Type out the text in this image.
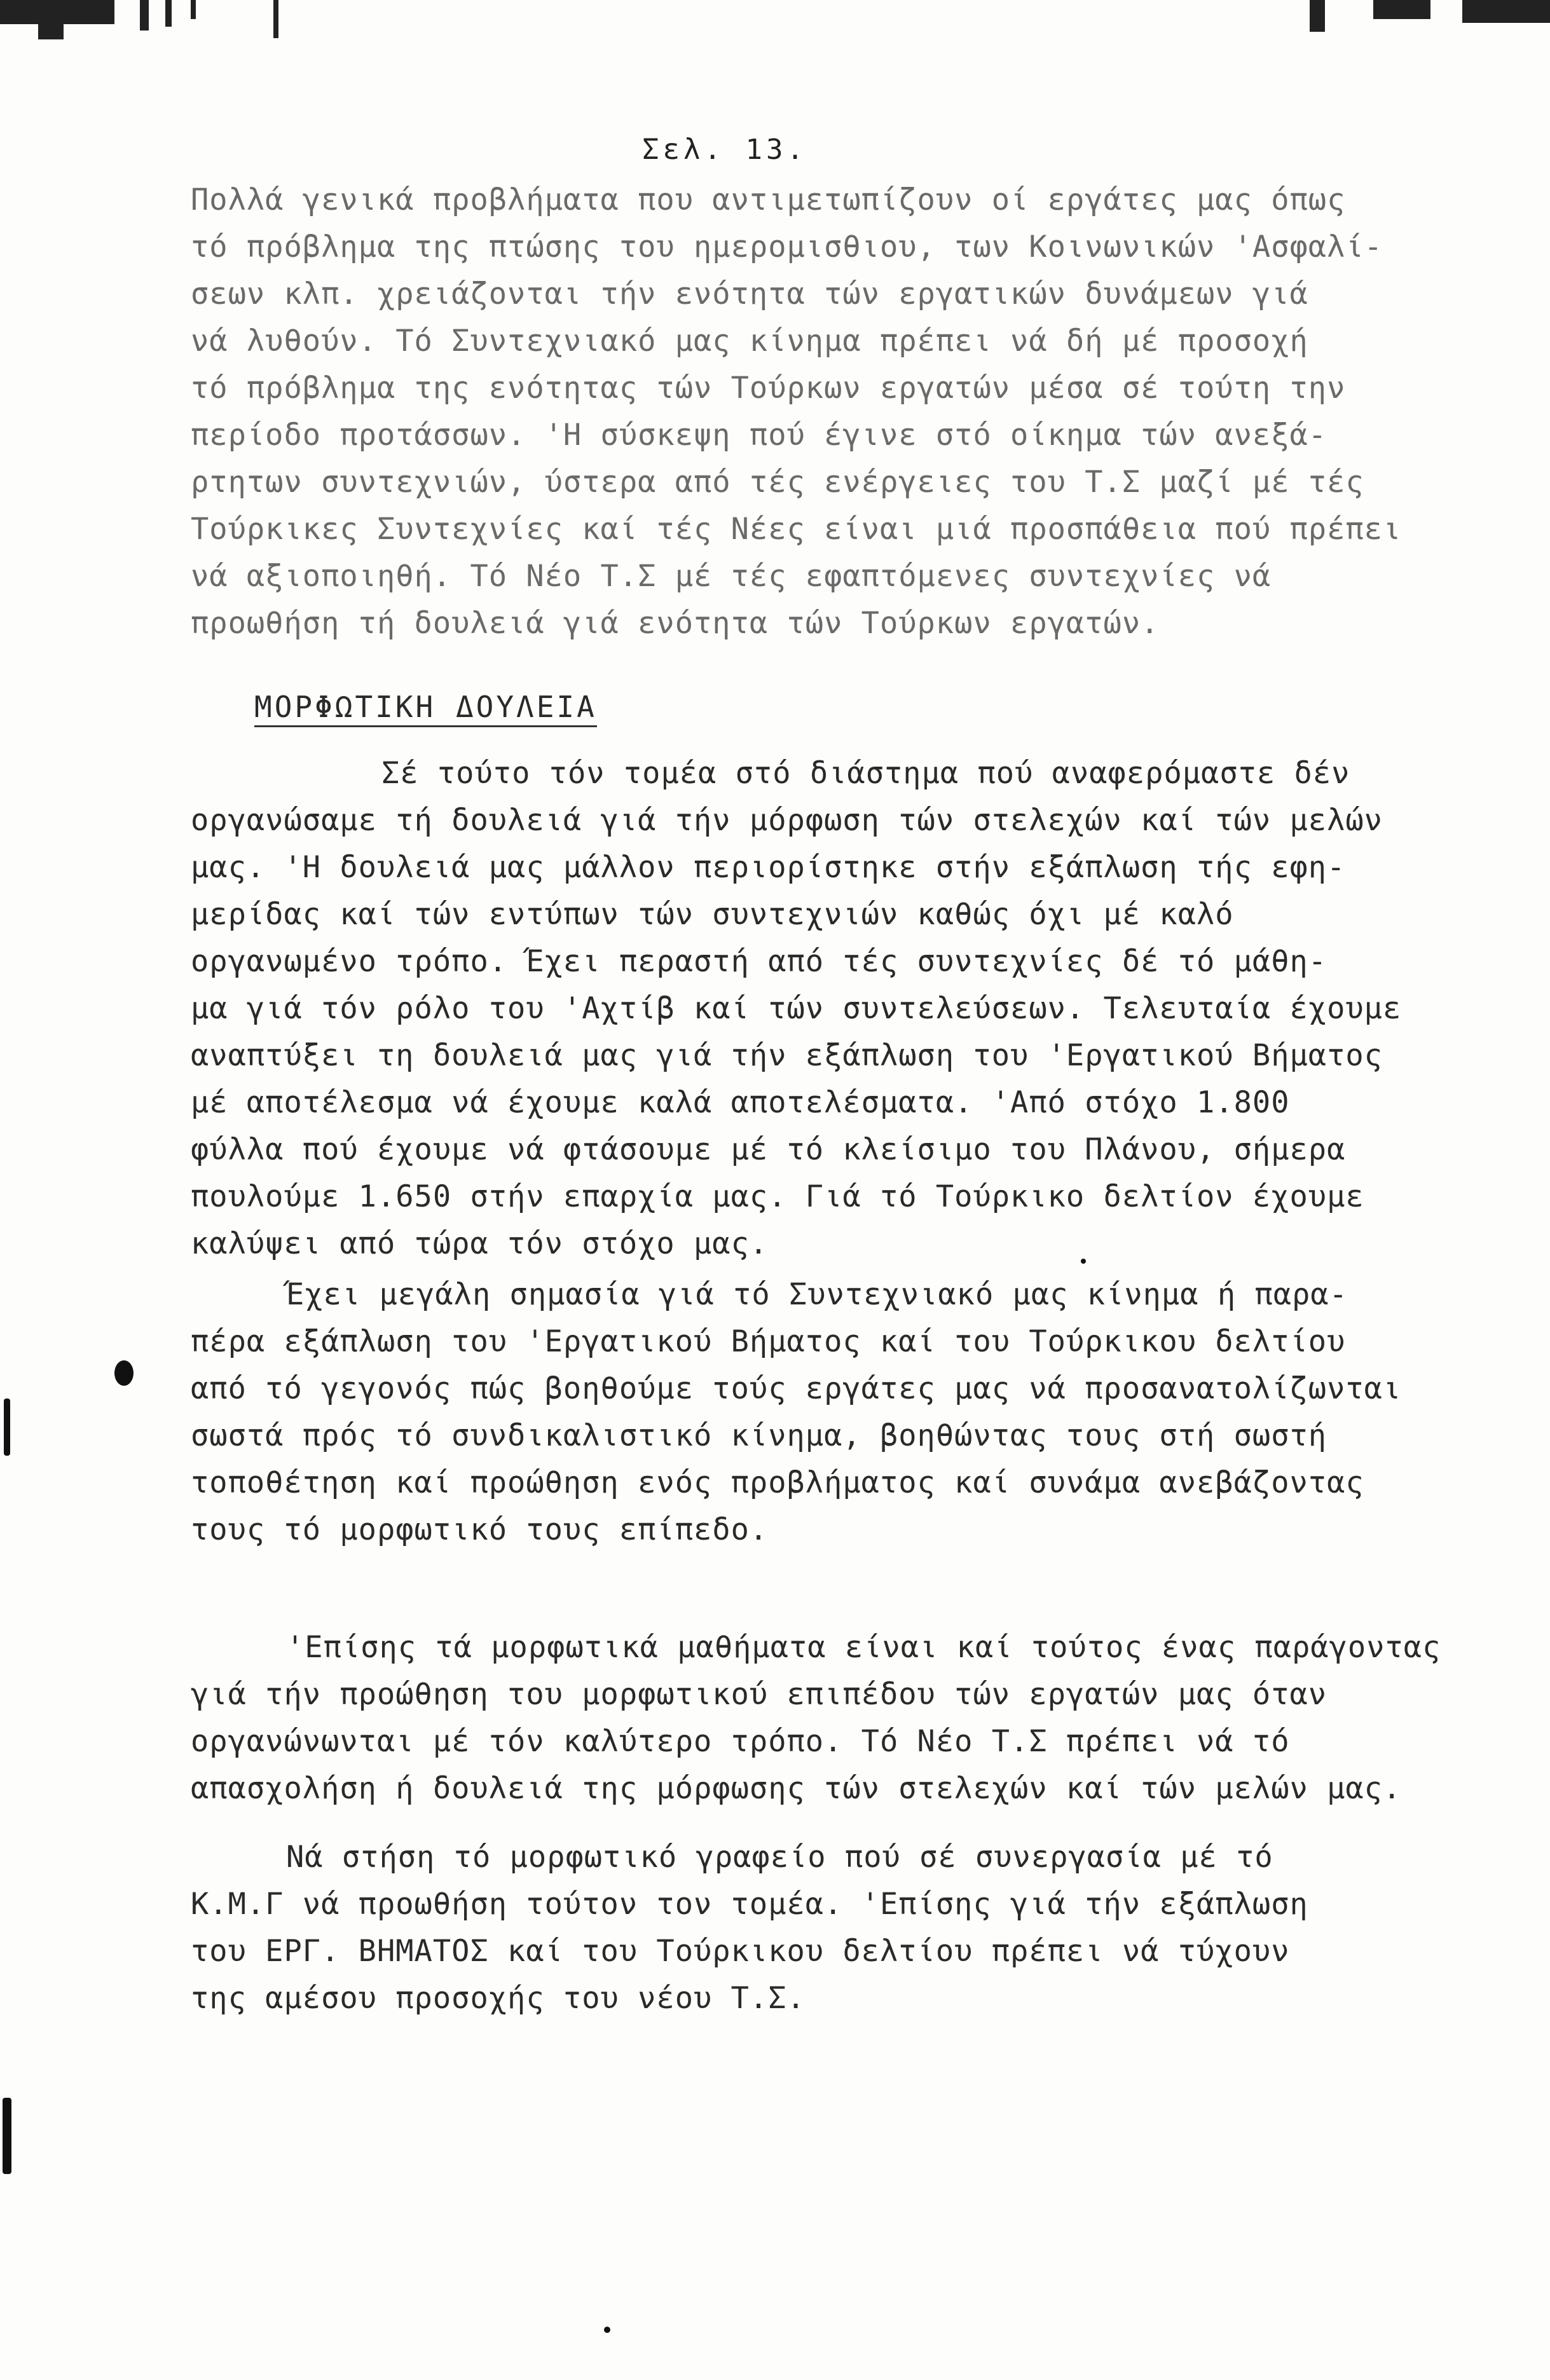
Σελ. 13.
Πολλά γενικά προβλήματα που αντιμετωπίζουν οί εργάτες μας όπως
τό πρόβλημα της πτώσης του ημερομισθιου, των Κοινωνικών 'Ασφαλί-
σεων κλπ. χρειάζονται τήν ενότητα τών εργατικών δυνάμεων γιά
νά λυθούν. Τό Συντεχνιακό μας κίνημα πρέπει νά δή μέ προσοχή
τό πρόβλημα της ενότητας τών Τούρκων εργατών μέσα σέ τούτη την
περίοδο προτάσσων. 'Η σύσκεψη πού έγινε στό οίκημα τών ανεξά-
ρτητων συντεχνιών, ύστερα από τές ενέργειες του Τ.Σ μαζί μέ τές
Τούρκικες Συντεχνίες καί τές Νέες είναι μιά προσπάθεια πού πρέπει
νά αξιοποιηθή. Τό Νέο Τ.Σ μέ τές εφαπτόμενες συντεχνίες νά
προωθήση τή δουλειά γιά ενότητα τών Τούρκων εργατών.
ΜΟΡΦΩΤΙΚΗ ΔΟΥΛΕΙΑ
Σέ τούτο τόν τομέα στό διάστημα πού αναφερόμαστε δέν
οργανώσαμε τή δουλειά γιά τήν μόρφωση τών στελεχών καί τών μελών
μας. 'Η δουλειά μας μάλλον περιορίστηκε στήν εξάπλωση τής εφη-
μερίδας καί τών εντύπων τών συντεχνιών καθώς όχι μέ καλό
οργανωμένο τρόπο. Έχει περαστή από τές συντεχνίες δέ τό μάθη-
μα γιά τόν ρόλο του 'Αχτίβ καί τών συντελεύσεων. Τελευταία έχουμε
αναπτύξει τη δουλειά μας γιά τήν εξάπλωση του 'Εργατικού Βήματος
μέ αποτέλεσμα νά έχουμε καλά αποτελέσματα. 'Από στόχο 1.800
φύλλα πού έχουμε νά φτάσουμε μέ τό κλείσιμο του Πλάνου, σήμερα
πουλούμε 1.650 στήν επαρχία μας. Γιά τό Τούρκικο δελτίον έχουμε
καλύψει από τώρα τόν στόχο μας.
Έχει μεγάλη σημασία γιά τό Συντεχνιακό μας κίνημα ή παρα-
πέρα εξάπλωση του 'Εργατικού Βήματος καί του Τούρκικου δελτίου
από τό γεγονός πώς βοηθούμε τούς εργάτες μας νά προσανατολίζωνται
σωστά πρός τό συνδικαλιστικό κίνημα, βοηθώντας τους στή σωστή
τοποθέτηση καί προώθηση ενός προβλήματος καί συνάμα ανεβάζοντας
τους τό μορφωτικό τους επίπεδο.
'Επίσης τά μορφωτικά μαθήματα είναι καί τούτος ένας παράγοντας
γιά τήν προώθηση του μορφωτικού επιπέδου τών εργατών μας όταν
οργανώνωνται μέ τόν καλύτερο τρόπο. Τό Νέο Τ.Σ πρέπει νά τό
απασχολήση ή δουλειά της μόρφωσης τών στελεχών καί τών μελών μας.
Νά στήση τό μορφωτικό γραφείο πού σέ συνεργασία μέ τό
Κ.Μ.Γ νά προωθήση τούτον τον τομέα. 'Επίσης γιά τήν εξάπλωση
του ΕΡΓ. ΒΗΜΑΤΟΣ καί του Τούρκικου δελτίου πρέπει νά τύχουν
της αμέσου προσοχής του νέου Τ.Σ.
